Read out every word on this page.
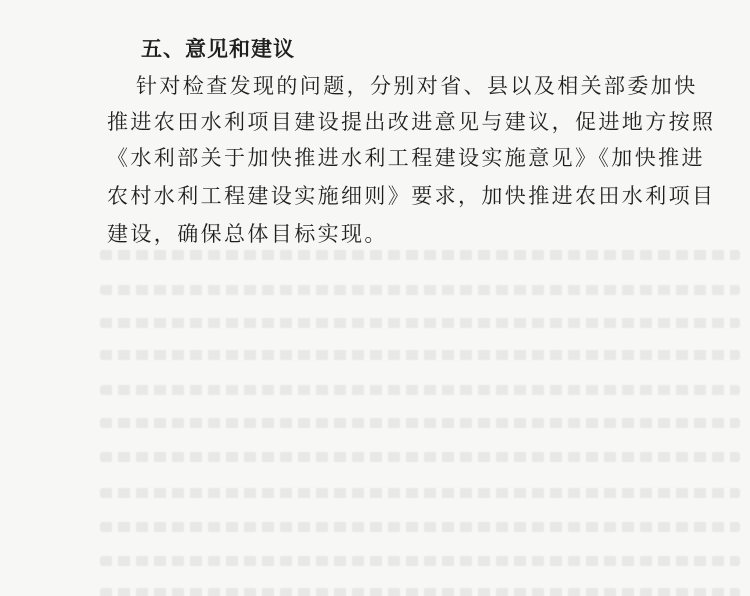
五、意见和建议
针对检查发现的问题，分别对省、县以及相关部委加快
推进农田水利项目建设提出改进意见与建议，促进地方按照
《水利部关于加快推进水利工程建设实施意见》《加快推进
农村水利工程建设实施细则》要求，加快推进农田水利项目
建设，确保总体目标实现。
